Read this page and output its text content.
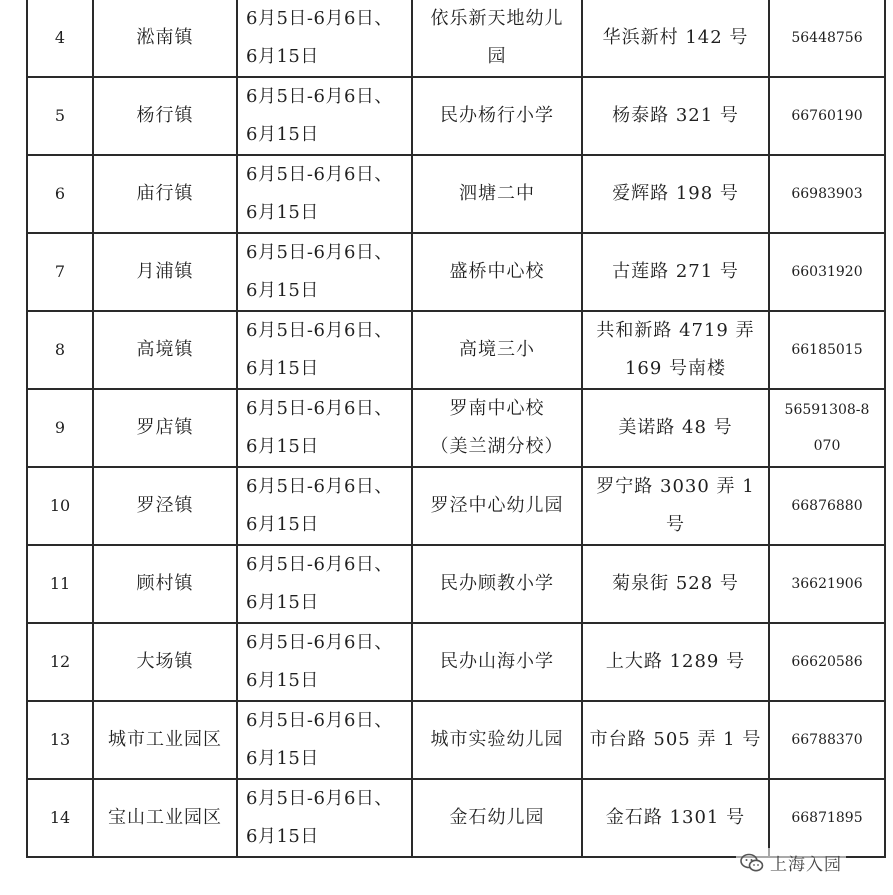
4	淞南镇	6月5日-6月6日、
6月15日	依乐新天地幼儿
园	华浜新村 142 号	56448756

5	杨行镇	6月5日-6月6日、
6月15日	民办杨行小学	杨泰路 321 号	66760190

6	庙行镇	6月5日-6月6日、
6月15日	泗塘二中	爱辉路 198 号	66983903

7	月浦镇	6月5日-6月6日、
6月15日	盛桥中心校	古莲路 271 号	66031920

8	高境镇	6月5日-6月6日、
6月15日	高境三小	共和新路 4719 弄
169 号南楼	66185015

9	罗店镇	6月5日-6月6日、
6月15日	罗南中心校
（美兰湖分校）	美诺路 48 号	56591308-8
070

10	罗泾镇	6月5日-6月6日、
6月15日	罗泾中心幼儿园	罗宁路 3030 弄 1 号	66876880

11	顾村镇	6月5日-6月6日、
6月15日	民办顾教小学	菊泉街 528 号	36621906

12	大场镇	6月5日-6月6日、
6月15日	民办山海小学	上大路 1289 号	66620586

13	城市工业园区	6月5日-6月6日、
6月15日	城市实验幼儿园	市台路 505 弄 1 号	66788370

14	宝山工业园区	6月5日-6月6日、
6月15日	金石幼儿园	金石路 1301 号	66871895
上海入园
